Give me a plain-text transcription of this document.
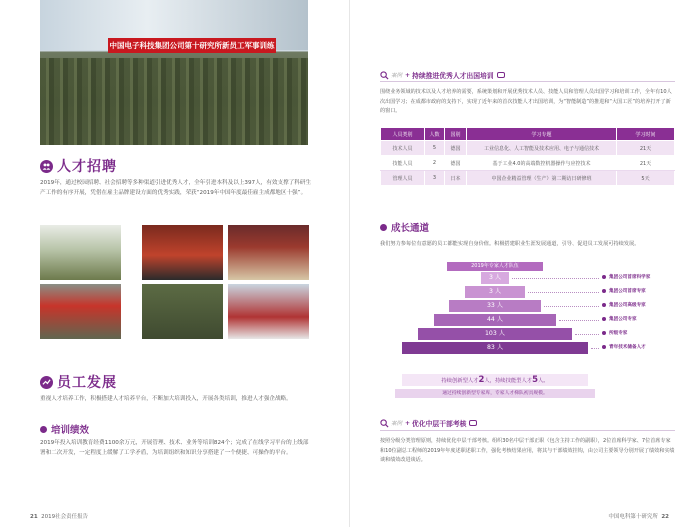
中国电子科技集团公司第十研究所新员工军事训练
人才招聘
2019年，通过校园招聘、社会招聘等多种渠道引进优秀人才，全年引进本科及以上397人，有效支撑了科研生产工作的有序开展，凭借在雇主品牌建设方面的优秀实践，荣获“2019年中国年度最佳雇主成都地区十强”。
员工发展
重视人才培养工作，积极搭建人才培养平台，不断加大培训投入，开展各类培训，推进人才强企战略。
培训绩效
2019年投入培训教育经费1100余万元，开展管理、技术、业务等培训824个；完成了在线学习平台的上线部署和二次开发，一定程度上缓解了工学矛盾，为培训组织和知识分享搭建了一个便捷、可操作的平台。
21 2019社会责任报告
案例 + 持续推进优秀人才出国培训
围绕业务领域的技术以及人才培养的需要，系统策划和开展优秀技术人员、技能人员和管理人员出国学习和培训工作，全年有10人次出国学习；在成都市政府的支持下，实现了近年来的首次技能人才出国培训，为“智能制造”的推进和“大国工匠”的培养打开了新的窗口。
人员类别	人数	国别	学习专题	学习时间
技术人员	5	德国	工业信息化、人工智能及技术应用、电子与通信技术	21天
技能人员	2	德国	基于工业4.0的高端数控机器操作与应控技术	21天
管理人员	3	日本	中国企业精益管理（生产）第二期访日研修班	5天
成长通道
我们努力参每位有意愿的员工都能实现自身价值。积极搭建职业生涯发展通道，引导、促进员工发展可持续发展。
2019年专家人才队伍
持续创新型人才2人，持续技能型人才5人。
通过持续创新型专家库，专家人才梯队初具规模。
案例 + 优化中层干部考核
按照分级分类管理原则，持续优化中层干部考核。组织30名中层干部正职（包含主持工作的副职），2位首席科学家、7位首席专家和10位副总工程师的2019年年度述职述职工作，强化考核结果应用，将其与干部绩效挂钩，由公司主要领导分别开展了绩效和实绩谈和绩效改进谈话。
中国电科第十研究所 22
3 人	集团公司首席科学家
3 人	集团公司首席专家
33 人	集团公司高级专家
44 人	集团公司专家
103 人	所级专家
83 人	青年技术储备人才
